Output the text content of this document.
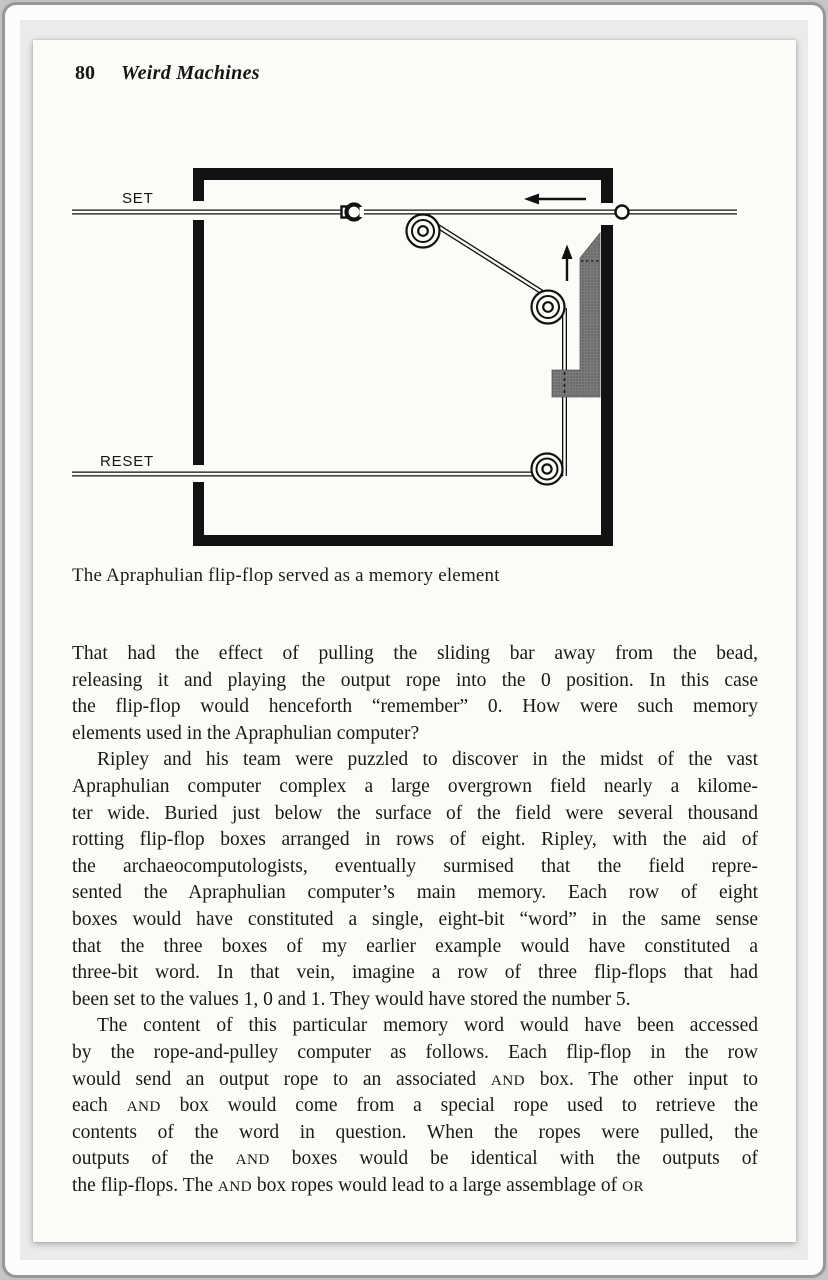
80 Weird Machines
SET
RESET
The Apraphulian flip-flop served as a memory element
That had the effect of pulling the sliding bar away from the bead,
releasing it and playing the output rope into the 0 position. In this case
the flip-flop would henceforth “remember” 0. How were such memory
elements used in the Apraphulian computer?
Ripley and his team were puzzled to discover in the midst of the vast
Apraphulian computer complex a large overgrown field nearly a kilome-
ter wide. Buried just below the surface of the field were several thousand
rotting flip-flop boxes arranged in rows of eight. Ripley, with the aid of
the archaeocomputologists, eventually surmised that the field repre-
sented the Apraphulian computer’s main memory. Each row of eight
boxes would have constituted a single, eight-bit “word” in the same sense
that the three boxes of my earlier example would have constituted a
three-bit word. In that vein, imagine a row of three flip-flops that had
been set to the values 1, 0 and 1. They would have stored the number 5.
The content of this particular memory word would have been accessed
by the rope-and-pulley computer as follows. Each flip-flop in the row
would send an output rope to an associated AND box. The other input to
each AND box would come from a special rope used to retrieve the
contents of the word in question. When the ropes were pulled, the
outputs of the AND boxes would be identical with the outputs of
the flip-flops. The AND box ropes would lead to a large assemblage of OR
